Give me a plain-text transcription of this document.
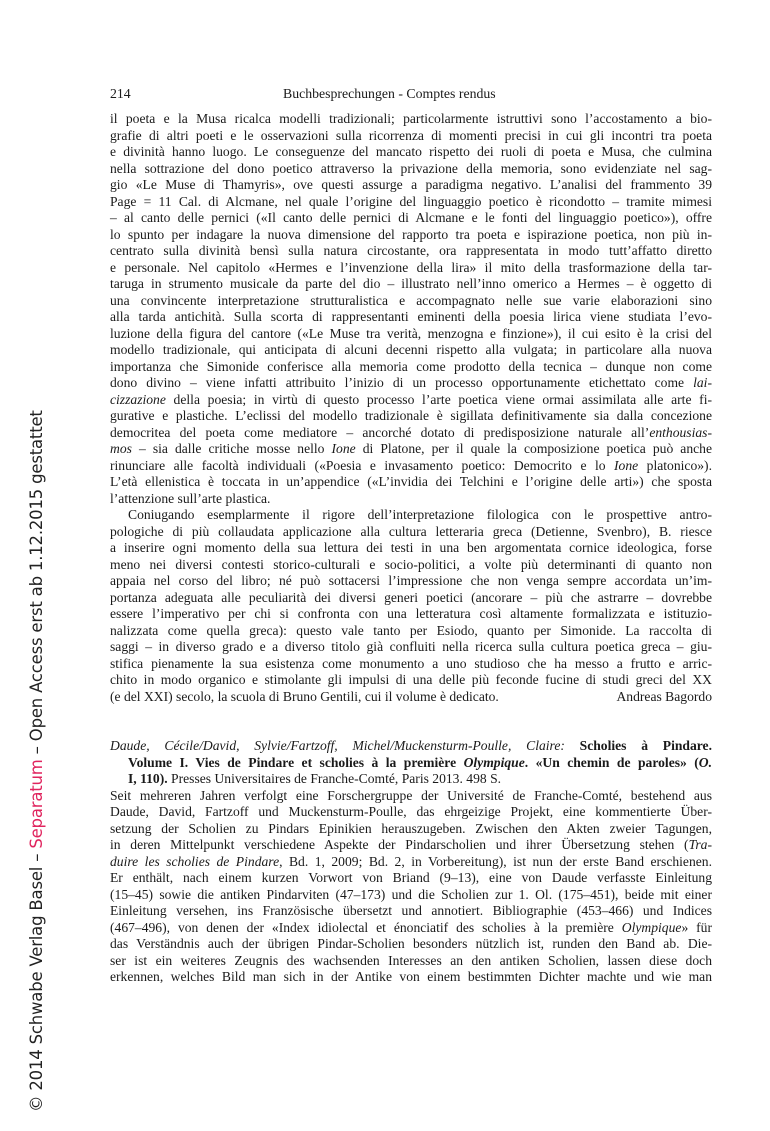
214	Buchbesprechungen - Comptes rendus
il poeta e la Musa ricalca modelli tradizionali; particolarmente istruttivi sono l’accostamento a bio-
grafie di altri poeti e le osservazioni sulla ricorrenza di momenti precisi in cui gli incontri tra poeta
e divinità hanno luogo. Le conseguenze del mancato rispetto dei ruoli di poeta e Musa, che culmina
nella sottrazione del dono poetico attraverso la privazione della memoria, sono evidenziate nel sag-
gio «Le Muse di Thamyris», ove questi assurge a paradigma negativo. L’analisi del frammento 39
Page = 11 Cal. di Alcmane, nel quale l’origine del linguaggio poetico è ricondotto – tramite mimesi
– al canto delle pernici («Il canto delle pernici di Alcmane e le fonti del linguaggio poetico»), offre
lo spunto per indagare la nuova dimensione del rapporto tra poeta e ispirazione poetica, non più in-
centrato sulla divinità bensì sulla natura circostante, ora rappresentata in modo tutt’affatto diretto
e personale. Nel capitolo «Hermes e l’invenzione della lira» il mito della trasformazione della tar-
taruga in strumento musicale da parte del dio – illustrato nell’inno omerico a Hermes – è oggetto di
una convincente interpretazione strutturalistica e accompagnato nelle sue varie elaborazioni sino
alla tarda antichità. Sulla scorta di rappresentanti eminenti della poesia lirica viene studiata l’evo-
luzione della figura del cantore («Le Muse tra verità, menzogna e finzione»), il cui esito è la crisi del
modello tradizionale, qui anticipata di alcuni decenni rispetto alla vulgata; in particolare alla nuova
importanza che Simonide conferisce alla memoria come prodotto della tecnica – dunque non come
dono divino – viene infatti attribuito l’inizio di un processo opportunamente etichettato come lai-
cizzazione della poesia; in virtù di questo processo l’arte poetica viene ormai assimilata alle arte fi-
gurative e plastiche. L’eclissi del modello tradizionale è sigillata definitivamente sia dalla concezione
democritea del poeta come mediatore – ancorché dotato di predisposizione naturale all’enthousias-
mos – sia dalle critiche mosse nello Ione di Platone, per il quale la composizione poetica può anche
rinunciare alle facoltà individuali («Poesia e invasamento poetico: Democrito e lo Ione platonico»).
L’età ellenistica è toccata in un’appendice («L’invidia dei Telchini e l’origine delle arti») che sposta
l’attenzione sull’arte plastica.
Coniugando esemplarmente il rigore dell’interpretazione filologica con le prospettive antro-
pologiche di più collaudata applicazione alla cultura letteraria greca (Detienne, Svenbro), B. riesce
a inserire ogni momento della sua lettura dei testi in una ben argomentata cornice ideologica, forse
meno nei diversi contesti storico-culturali e socio-politici, a volte più determinanti di quanto non
appaia nel corso del libro; né può sottacersi l’impressione che non venga sempre accordata un’im-
portanza adeguata alle peculiarità dei diversi generi poetici (ancorare – più che astrarre – dovrebbe
essere l’imperativo per chi si confronta con una letteratura così altamente formalizzata e istituzio-
nalizzata come quella greca): questo vale tanto per Esiodo, quanto per Simonide. La raccolta di
saggi – in diverso grado e a diverso titolo già confluiti nella ricerca sulla cultura poetica greca – giu-
stifica pienamente la sua esistenza come monumento a uno studioso che ha messo a frutto e arric-
chito in modo organico e stimolante gli impulsi di una delle più feconde fucine di studi greci del XX
Andreas Bagordo
(e del XXI) secolo, la scuola di Bruno Gentili, cui il volume è dedicato.
Daude, Cécile/David, Sylvie/Fartzoff, Michel/Muckensturm-Poulle, Claire: Scholies à Pindare.
Volume I. Vies de Pindare et scholies à la première Olympique. «Un chemin de paroles» (O.
I, 110). Presses Universitaires de Franche-Comté, Paris 2013. 498 S.
Seit mehreren Jahren verfolgt eine Forschergruppe der Université de Franche-Comté, bestehend aus
Daude, David, Fartzoff und Muckensturm-Poulle, das ehrgeizige Projekt, eine kommentierte Über-
setzung der Scholien zu Pindars Epinikien herauszugeben. Zwischen den Akten zweier Tagungen,
in deren Mittelpunkt verschiedene Aspekte der Pindarscholien und ihrer Übersetzung stehen (Tra-
duire les scholies de Pindare, Bd. 1, 2009; Bd. 2, in Vorbereitung), ist nun der erste Band erschienen.
Er enthält, nach einem kurzen Vorwort von Briand (9–13), eine von Daude verfasste Einleitung
(15–45) sowie die antiken Pindarviten (47–173) und die Scholien zur 1. Ol. (175–451), beide mit einer
Einleitung versehen, ins Französische übersetzt und annotiert. Bibliographie (453–466) und Indices
(467–496), von denen der «Index idiolectal et énonciatif des scholies à la première Olympique» für
das Verständnis auch der übrigen Pindar-Scholien besonders nützlich ist, runden den Band ab. Die-
ser ist ein weiteres Zeugnis des wachsenden Interesses an den antiken Scholien, lassen diese doch
erkennen, welches Bild man sich in der Antike von einem bestimmten Dichter machte und wie man
© 2014 Schwabe Verlag Basel – Separatum – Open Access erst ab 1.12.2015 gestattet
